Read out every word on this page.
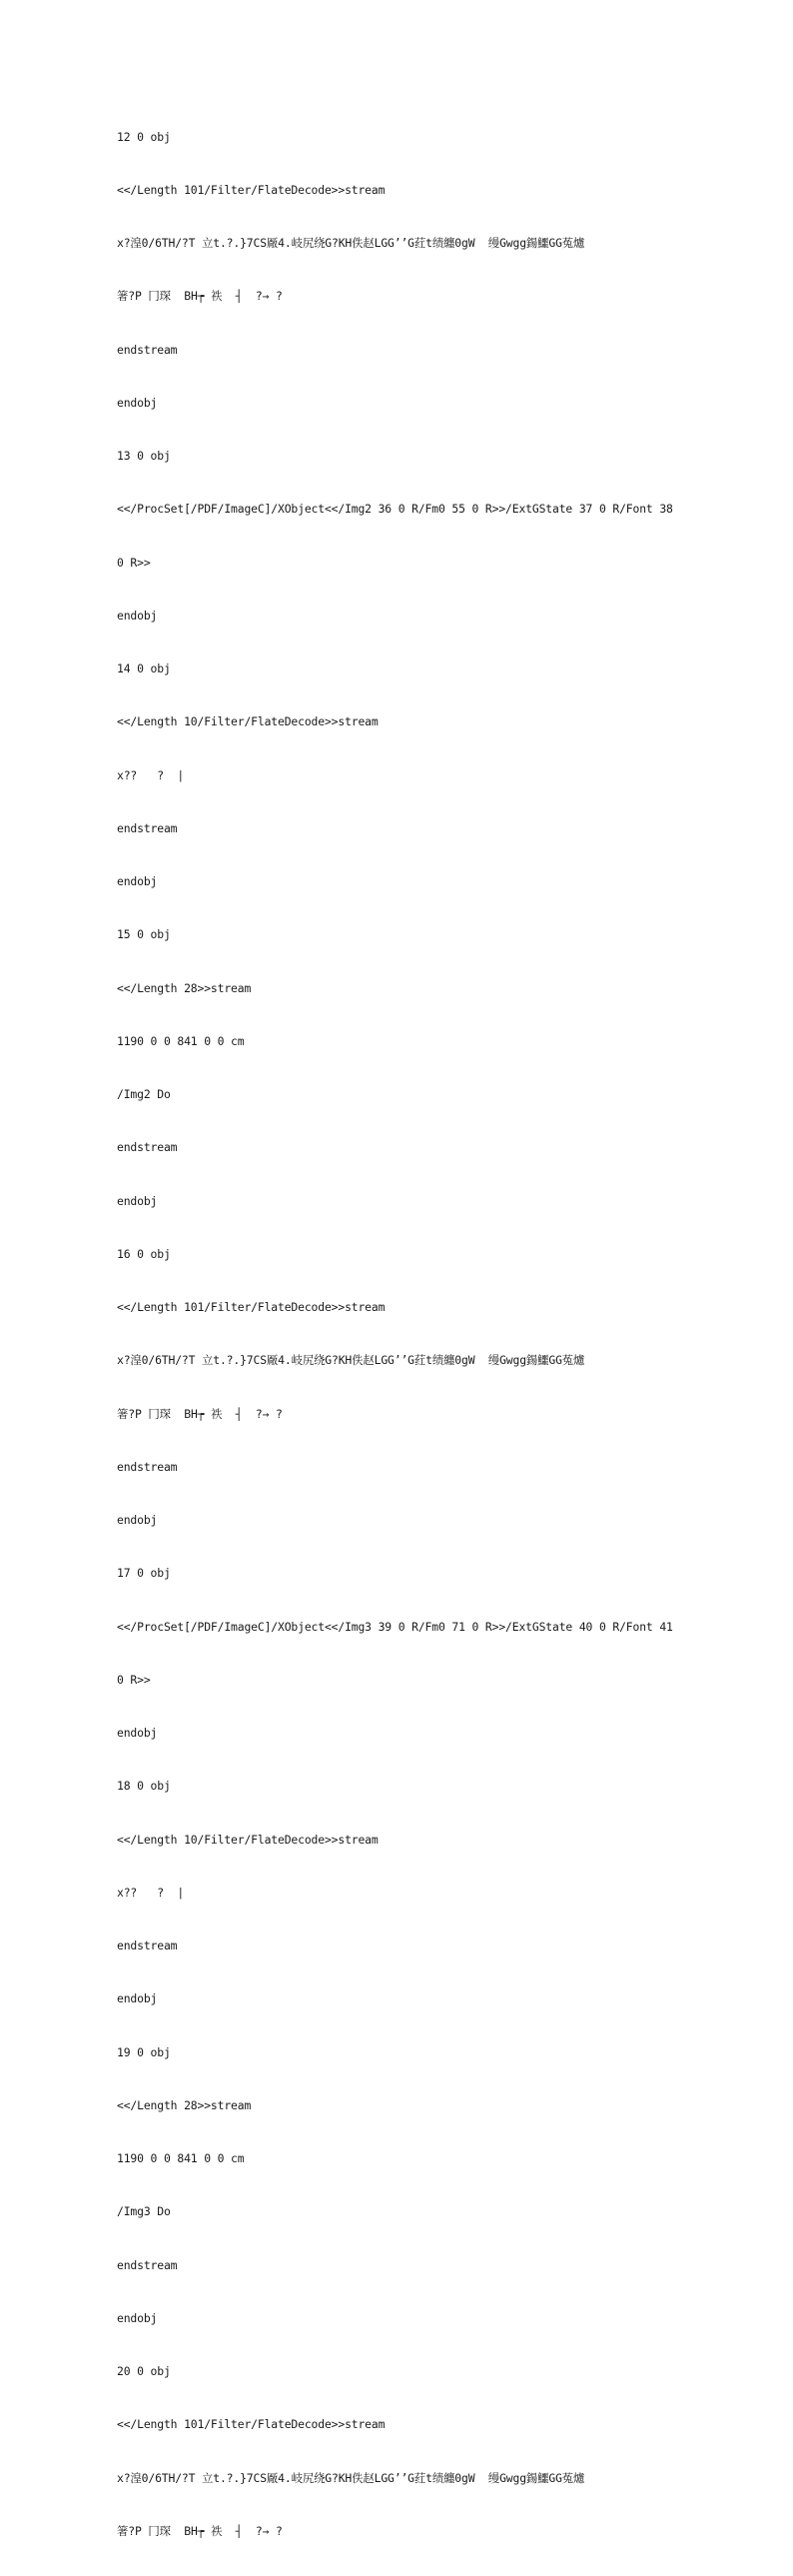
12 0 obj

<</Length 101/Filter/FlateDecode>>stream

x?湟0/6TH/?T 立t.?.}7CS厰4.岐尻绕G?KH佚赵LGG’’G荭t绩纏0gW  缦Gwgg鍚鱷GG菟爈

箸?P 冂琛  BH┮ 祑  ┤  ?→ ?

endstream

endobj

13 0 obj

<</ProcSet[/PDF/ImageC]/XObject<</Img2 36 0 R/Fm0 55 0 R>>/ExtGState 37 0 R/Font 38

0 R>>

endobj

14 0 obj

<</Length 10/Filter/FlateDecode>>stream

x??   ?  |

endstream

endobj

15 0 obj

<</Length 28>>stream

1190 0 0 841 0 0 cm

/Img2 Do

endstream

endobj

16 0 obj

<</Length 101/Filter/FlateDecode>>stream

x?湟0/6TH/?T 立t.?.}7CS厰4.岐尻绕G?KH佚赵LGG’’G荭t绩纏0gW  缦Gwgg鍚鱷GG菟爈

箸?P 冂琛  BH┮ 祑  ┤  ?→ ?

endstream

endobj

17 0 obj

<</ProcSet[/PDF/ImageC]/XObject<</Img3 39 0 R/Fm0 71 0 R>>/ExtGState 40 0 R/Font 41

0 R>>

endobj

18 0 obj

<</Length 10/Filter/FlateDecode>>stream

x??   ?  |

endstream

endobj

19 0 obj

<</Length 28>>stream

1190 0 0 841 0 0 cm

/Img3 Do

endstream

endobj

20 0 obj

<</Length 101/Filter/FlateDecode>>stream

x?湟0/6TH/?T 立t.?.}7CS厰4.岐尻绕G?KH佚赵LGG’’G荭t绩纏0gW  缦Gwgg鍚鱷GG菟爈

箸?P 冂琛  BH┮ 祑  ┤  ?→ ?
